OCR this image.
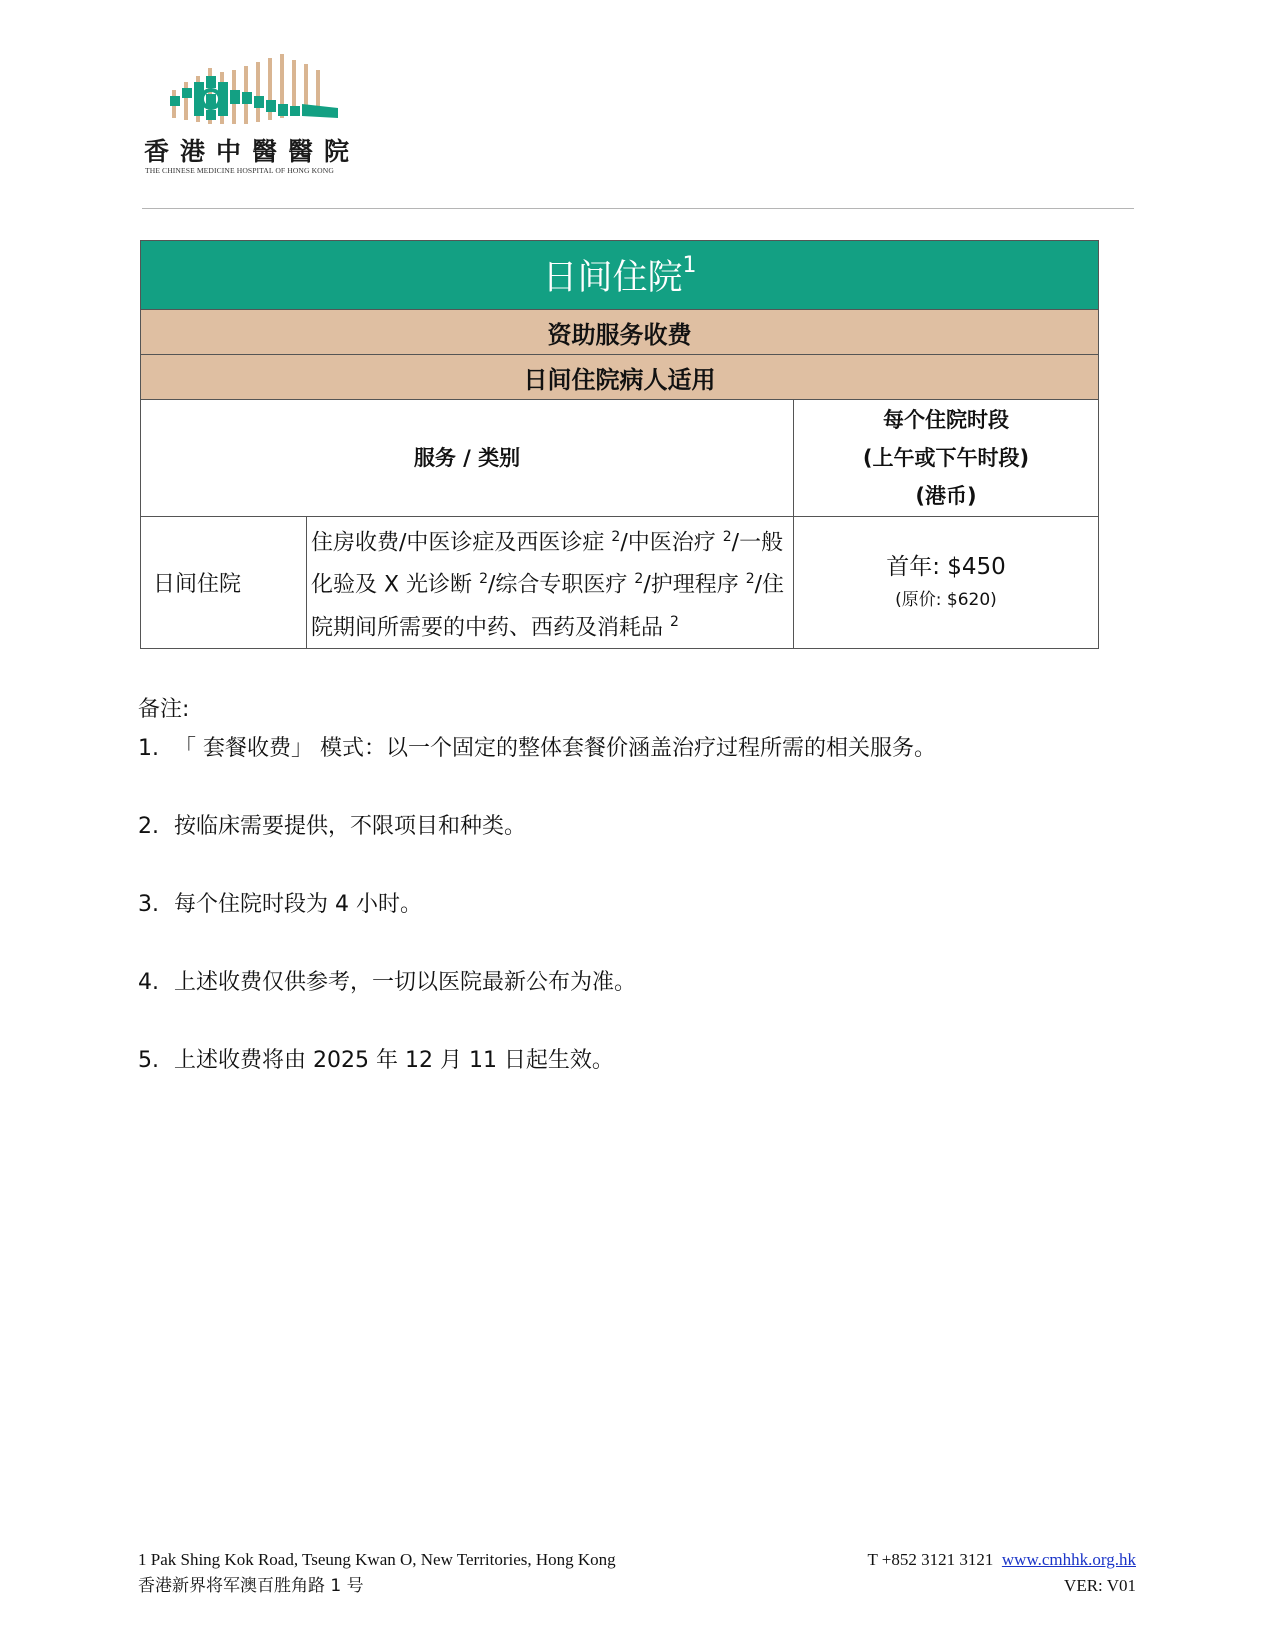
香港中醫醫院
THE CHINESE MEDICINE HOSPITAL OF HONG KONG
日间住院$^1$
资助服务收费		
日间住院病人适用		
服务 / 类别		每个住院时段
(上午或下午时段)
(港币)

日间住院	住房收费/中医诊症及西医诊症 $^2$/中医治疗 $^2$/一般化验及 X 光诊断 $^2$/综合专职医疗 $^2$/护理程序 $^2$/住院期间所需要的中药、西药及消耗品 $^2$	首年: $450
(原价: $620)
备注:
1. 「 套餐收费」 模式：以一个固定的整体套餐价涵盖治疗过程所需的相关服务。
2. 按临床需要提供，不限项目和种类。
3. 每个住院时段为 4 小时。
4. 上述收费仅供参考，一切以医院最新公布为准。
5. 上述收费将由 2025 年 12 月 11 日起生效。
1 Pak Shing Kok Road, Tseung Kwan O, New Territories, Hong Kong
香港新界将军澳百胜角路 1 号
T +852 3121 3121 www.cmhhk.org.hk
VER: V01
